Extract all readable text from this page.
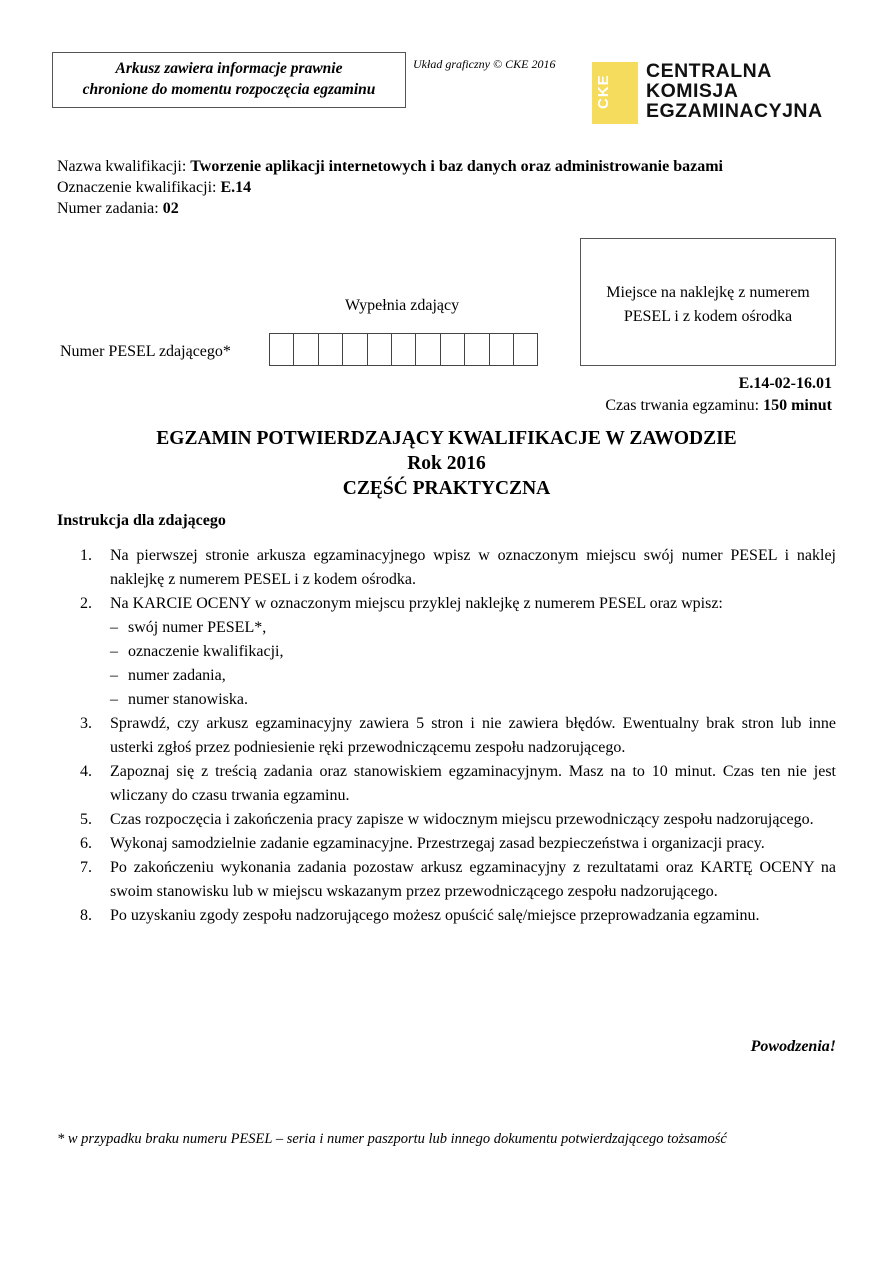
Arkusz zawiera informacje prawnie
chronione do momentu rozpoczęcia egzaminu
Układ graficzny © CKE 2016
CKE
CENTRALNA
KOMISJA
EGZAMINACYJNA
Nazwa kwalifikacji: Tworzenie aplikacji internetowych i baz danych oraz administrowanie bazami
Oznaczenie kwalifikacji: E.14
Numer zadania: 02
Wypełnia zdający
Numer PESEL zdającego*
Miejsce na naklejkę z numerem
PESEL i z kodem ośrodka
E.14-02-16.01
Czas trwania egzaminu: 150 minut
EGZAMIN POTWIERDZAJĄCY KWALIFIKACJE W ZAWODZIE
Rok 2016
CZĘŚĆ PRAKTYCZNA
Instrukcja dla zdającego
1. Na pierwszej stronie arkusza egzaminacyjnego wpisz w oznaczonym miejscu swój numer PESEL i naklej naklejkę z numerem PESEL i z kodem ośrodka.
2. Na KARCIE OCENY w oznaczonym miejscu przyklej naklejkę z numerem PESEL oraz wpisz:
– swój numer PESEL*,
– oznaczenie kwalifikacji,
– numer zadania,
– numer stanowiska.
3. Sprawdź, czy arkusz egzaminacyjny zawiera 5 stron i nie zawiera błędów. Ewentualny brak stron lub inne usterki zgłoś przez podniesienie ręki przewodniczącemu zespołu nadzorującego.
4. Zapoznaj się z treścią zadania oraz stanowiskiem egzaminacyjnym. Masz na to 10 minut. Czas ten nie jest wliczany do czasu trwania egzaminu.
5. Czas rozpoczęcia i zakończenia pracy zapisze w widocznym miejscu przewodniczący zespołu nadzorującego.
6. Wykonaj samodzielnie zadanie egzaminacyjne. Przestrzegaj zasad bezpieczeństwa i organizacji pracy.
7. Po zakończeniu wykonania zadania pozostaw arkusz egzaminacyjny z rezultatami oraz KARTĘ OCENY na swoim stanowisku lub w miejscu wskazanym przez przewodniczącego zespołu nadzorującego.
8. Po uzyskaniu zgody zespołu nadzorującego możesz opuścić salę/miejsce przeprowadzania egzaminu.
Powodzenia!
* w przypadku braku numeru PESEL – seria i numer paszportu lub innego dokumentu potwierdzającego tożsamość
